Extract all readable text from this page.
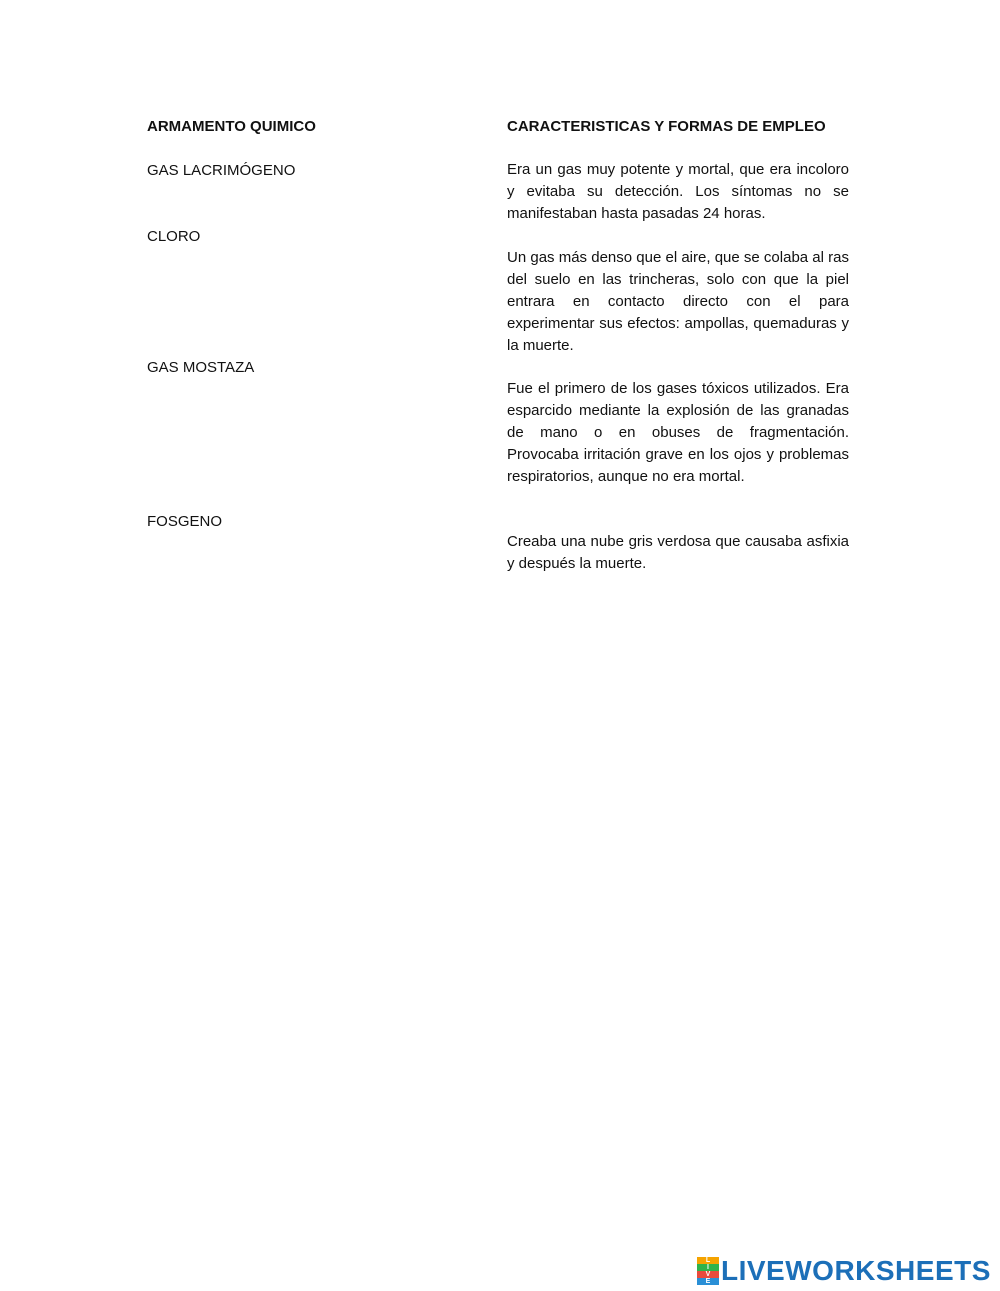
ARMAMENTO QUIMICO	CARACTERISTICAS Y FORMAS DE EMPLEO
GAS LACRIMÓGENO
CLORO
GAS MOSTAZA
FOSGENO
Era un gas muy potente y mortal, que era incoloro y evitaba su detección. Los síntomas no se manifestaban hasta pasadas 24 horas.
Un gas más denso que el aire, que se colaba al ras del suelo en las trincheras, solo con que la piel entrara en contacto directo con el para experimentar sus efectos: ampollas, quemaduras y la muerte.
Fue el primero de los gases tóxicos utilizados. Era esparcido mediante la explosión de las granadas de mano o en obuses de fragmentación. Provocaba irritación grave en los ojos y problemas respiratorios, aunque no era mortal.
Creaba una nube gris verdosa que causaba asfixia y después la muerte.
L
I
V
E LIVEWORKSHEETS
